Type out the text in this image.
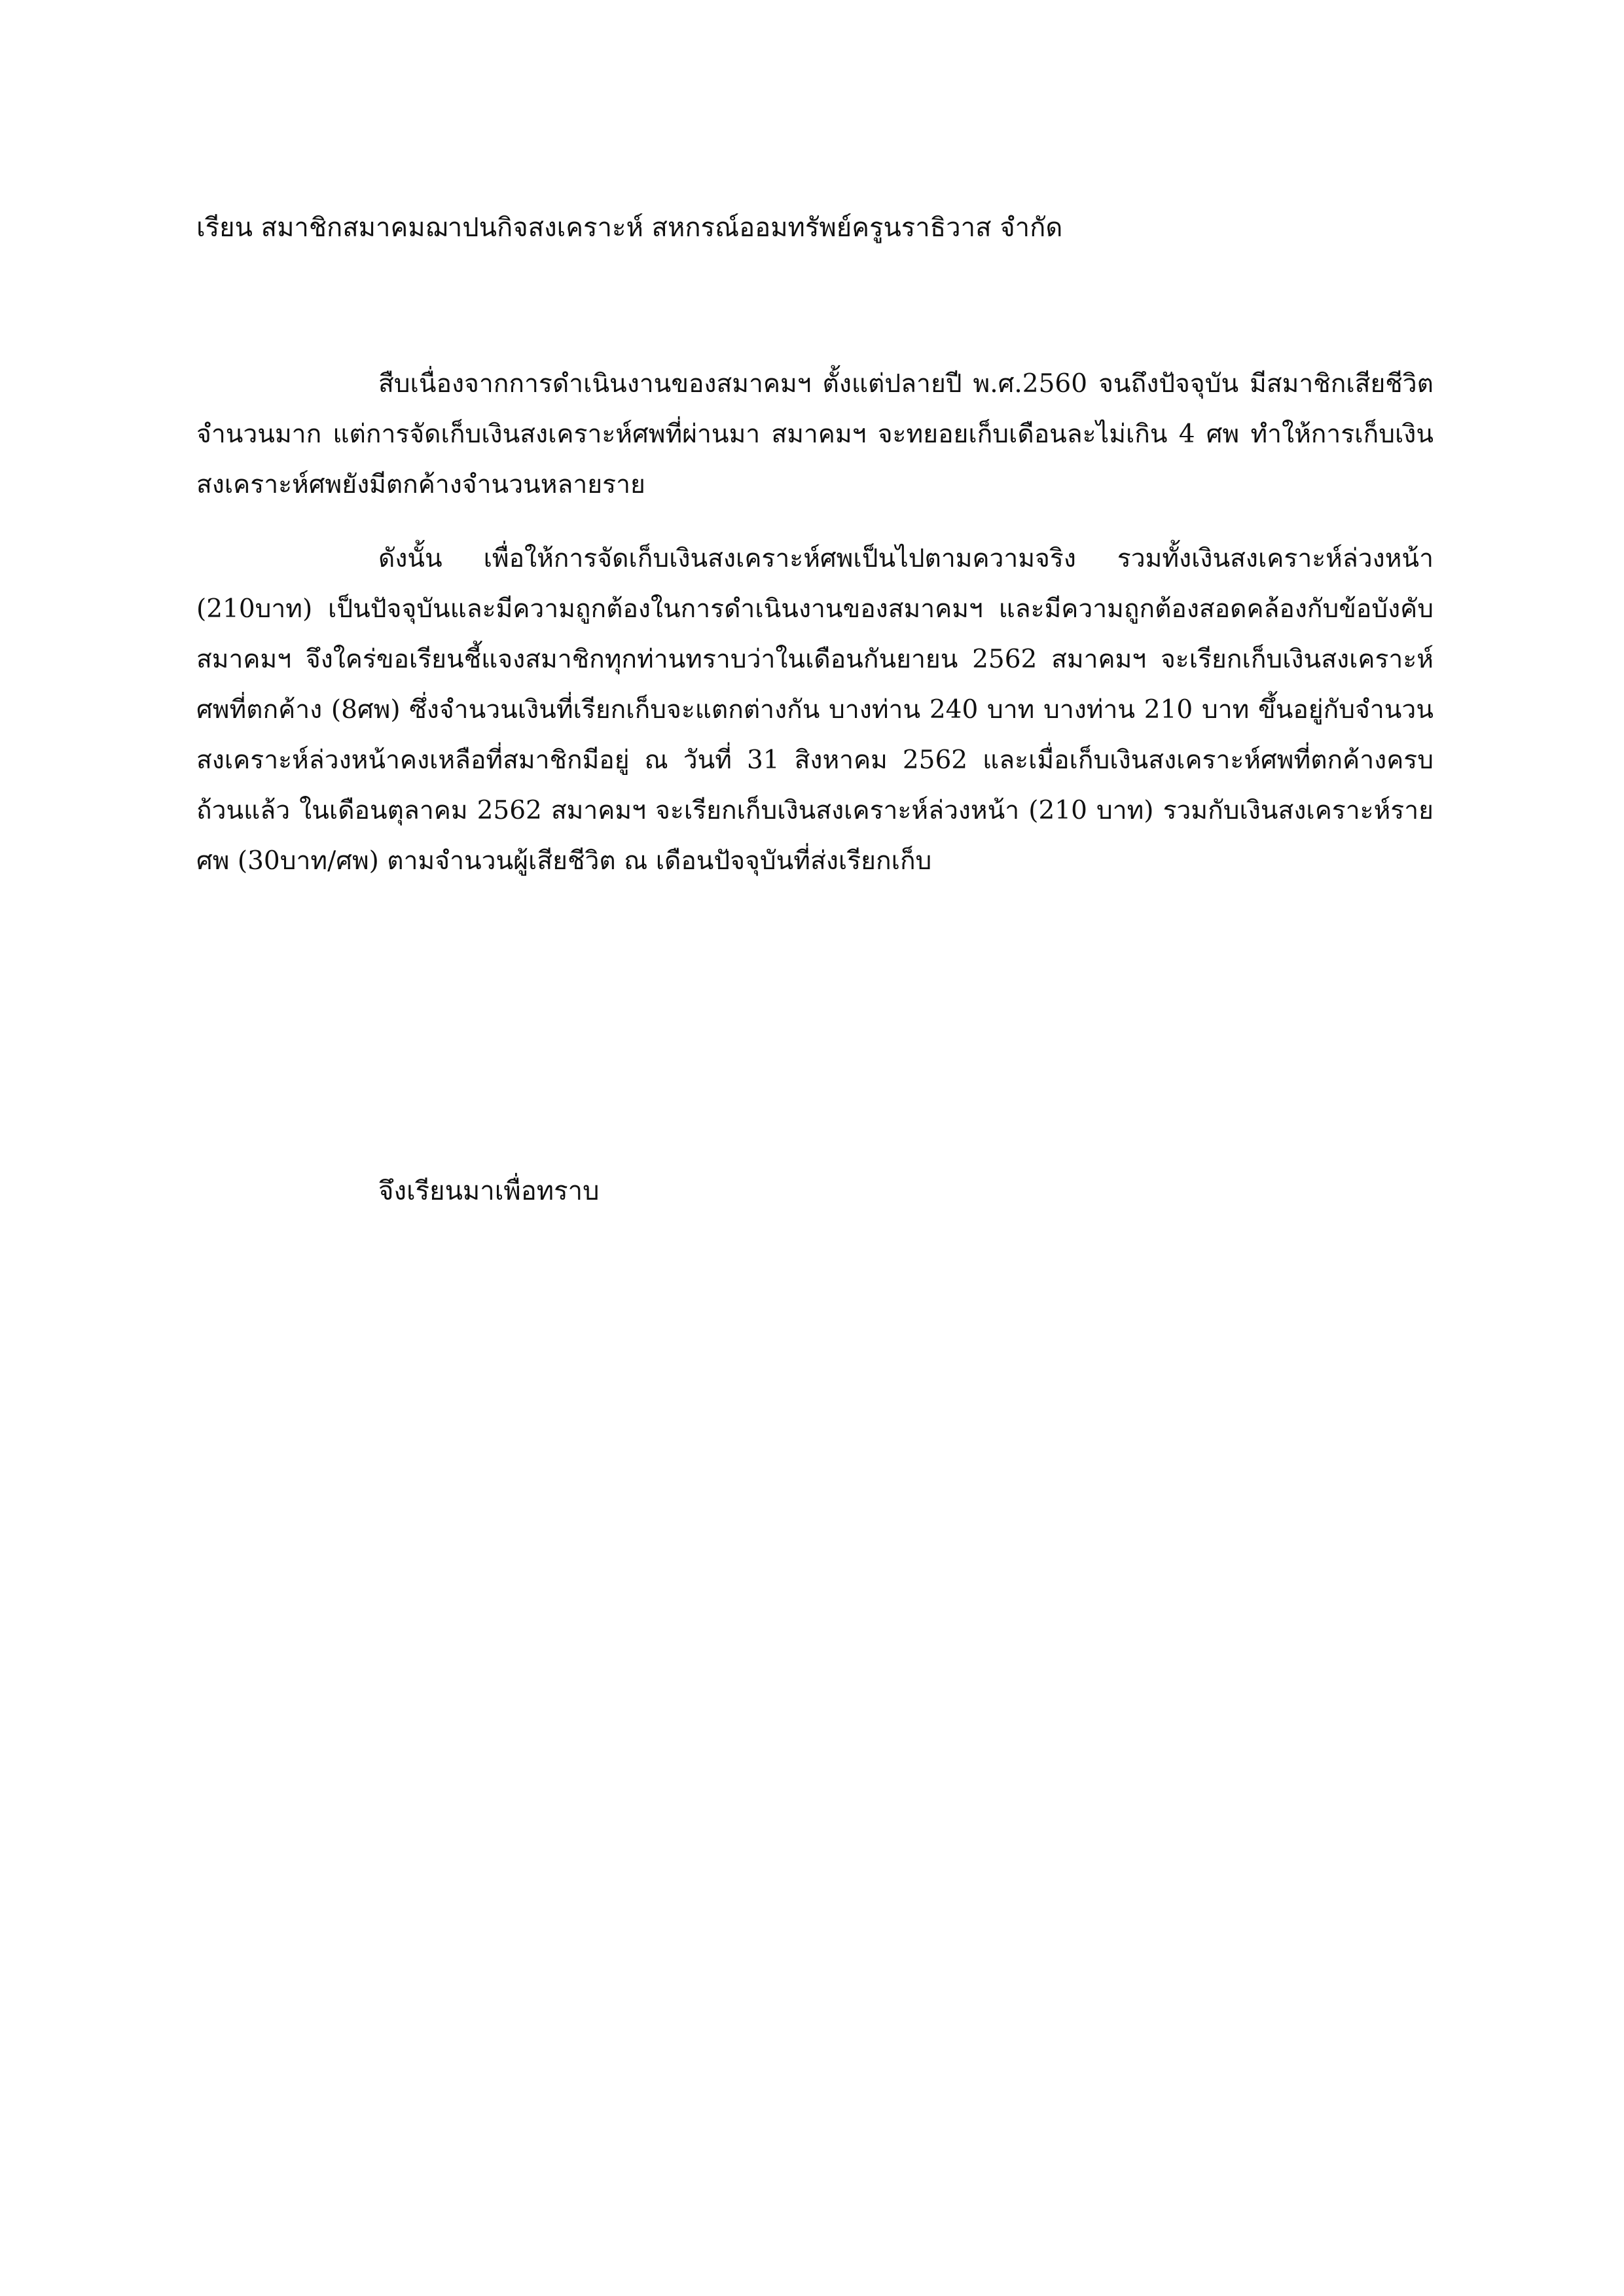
เรียน สมาชิกสมาคมฌาปนกิจสงเคราะห์ สหกรณ์ออมทรัพย์ครูนราธิวาส จำกัด

สืบเนื่องจากการดำเนินงานของสมาคมฯ ตั้งแต่ปลายปี พ.ศ.2560 จนถึงปัจจุบัน มีสมาชิกเสียชีวิตจำนวนมาก แต่การจัดเก็บเงินสงเคราะห์ศพที่ผ่านมา สมาคมฯ จะทยอยเก็บเดือนละไม่เกิน 4 ศพ ทำให้การเก็บเงินสงเคราะห์ศพยังมีตกค้างจำนวนหลายราย

ดังนั้น เพื่อให้การจัดเก็บเงินสงเคราะห์ศพเป็นไปตามความจริง รวมทั้งเงินสงเคราะห์ล่วงหน้า (210บาท) เป็นปัจจุบันและมีความถูกต้องในการดำเนินงานของสมาคมฯ และมีความถูกต้องสอดคล้องกับข้อบังคับสมาคมฯ จึงใคร่ขอเรียนชี้แจงสมาชิกทุกท่านทราบว่าในเดือนกันยายน 2562 สมาคมฯ จะเรียกเก็บเงินสงเคราะห์ศพที่ตกค้าง (8ศพ) ซึ่งจำนวนเงินที่เรียกเก็บจะแตกต่างกัน บางท่าน 240 บาท บางท่าน 210 บาท ขึ้นอยู่กับจำนวนสงเคราะห์ล่วงหน้าคงเหลือที่สมาชิกมีอยู่ ณ วันที่ 31 สิงหาคม 2562 และเมื่อเก็บเงินสงเคราะห์ศพที่ตกค้างครบถ้วนแล้ว ในเดือนตุลาคม 2562 สมาคมฯ จะเรียกเก็บเงินสงเคราะห์ล่วงหน้า (210 บาท) รวมกับเงินสงเคราะห์รายศพ (30บาท/ศพ) ตามจำนวนผู้เสียชีวิต ณ เดือนปัจจุบันที่ส่งเรียกเก็บ

จึงเรียนมาเพื่อทราบ
